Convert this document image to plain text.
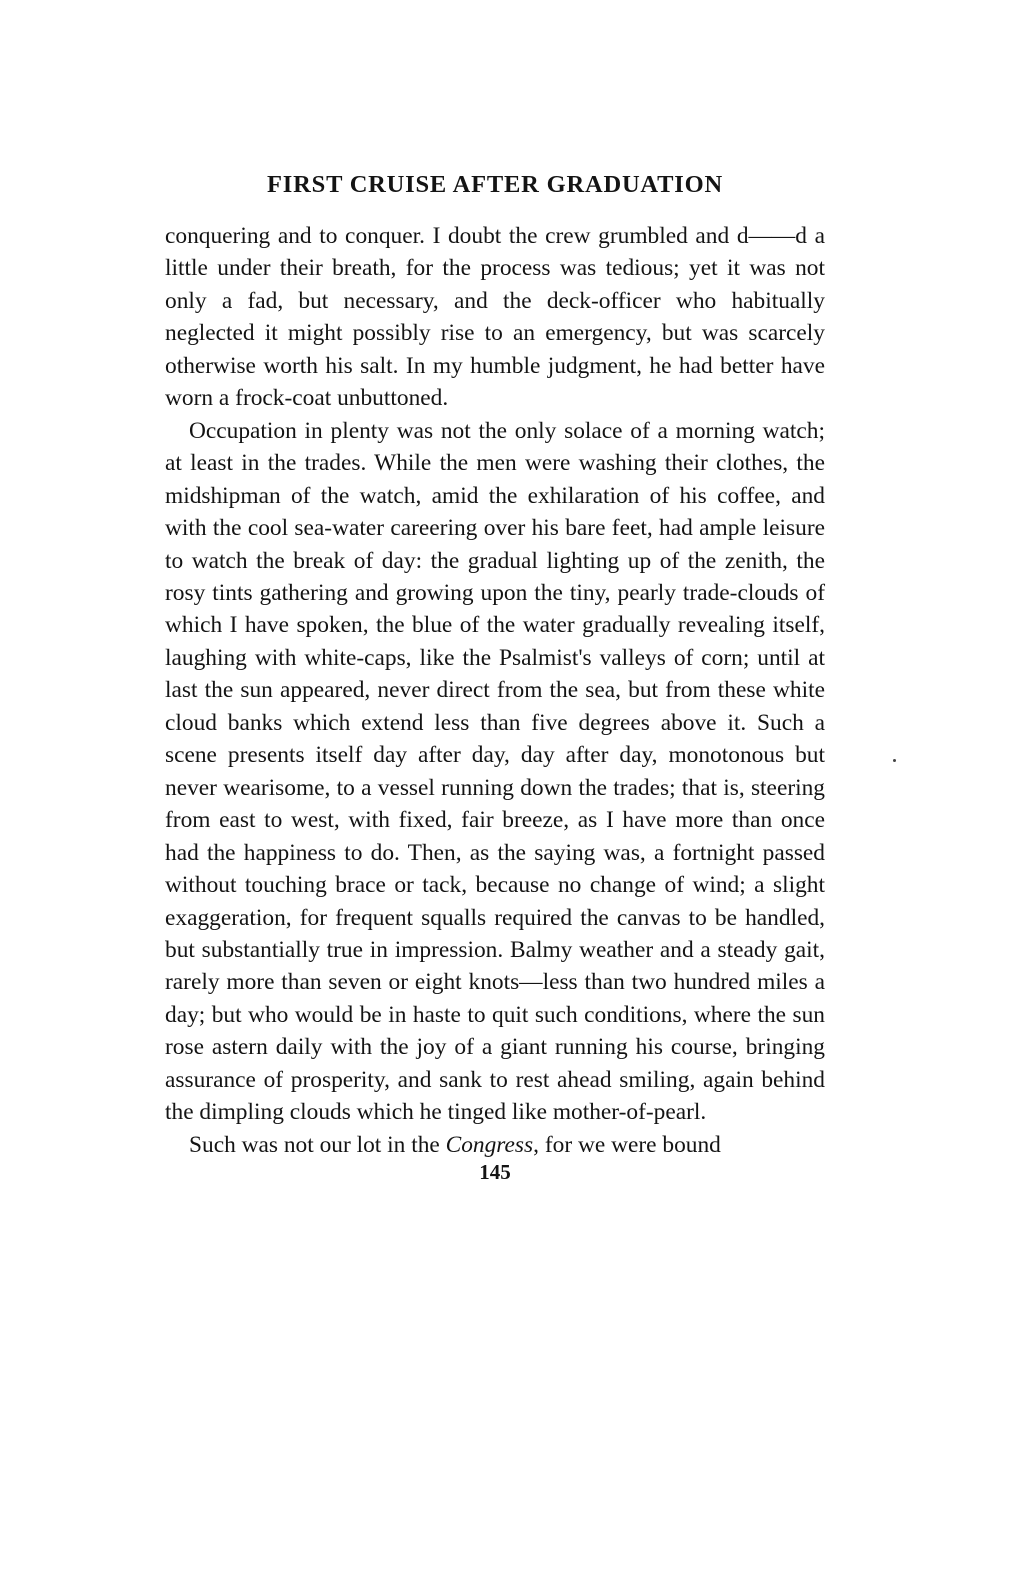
FIRST CRUISE AFTER GRADUATION

conquering and to conquer. I doubt the crew grumbled and d——d a little under their breath, for the process was tedious; yet it was not only a fad, but necessary, and the deck-officer who habitually neglected it might possibly rise to an emergency, but was scarcely otherwise worth his salt. In my humble judgment, he had better have worn a frock-coat unbuttoned.

Occupation in plenty was not the only solace of a morning watch; at least in the trades. While the men were washing their clothes, the midshipman of the watch, amid the exhilaration of his coffee, and with the cool sea-water careering over his bare feet, had ample leisure to watch the break of day: the gradual lighting up of the zenith, the rosy tints gathering and growing upon the tiny, pearly trade-clouds of which I have spoken, the blue of the water gradually revealing itself, laughing with white-caps, like the Psalmist's valleys of corn; until at last the sun appeared, never direct from the sea, but from these white cloud banks which extend less than five degrees above it. Such a scene presents itself day after day, day after day, monotonous but never wearisome, to a vessel running down the trades; that is, steering from east to west, with fixed, fair breeze, as I have more than once had the happiness to do. Then, as the saying was, a fortnight passed without touching brace or tack, because no change of wind; a slight exaggeration, for frequent squalls required the canvas to be handled, but substantially true in impression. Balmy weather and a steady gait, rarely more than seven or eight knots—less than two hundred miles a day; but who would be in haste to quit such conditions, where the sun rose astern daily with the joy of a giant running his course, bringing assurance of prosperity, and sank to rest ahead smiling, again behind the dimpling clouds which he tinged like mother-of-pearl.

Such was not our lot in the Congress, for we were bound

145
